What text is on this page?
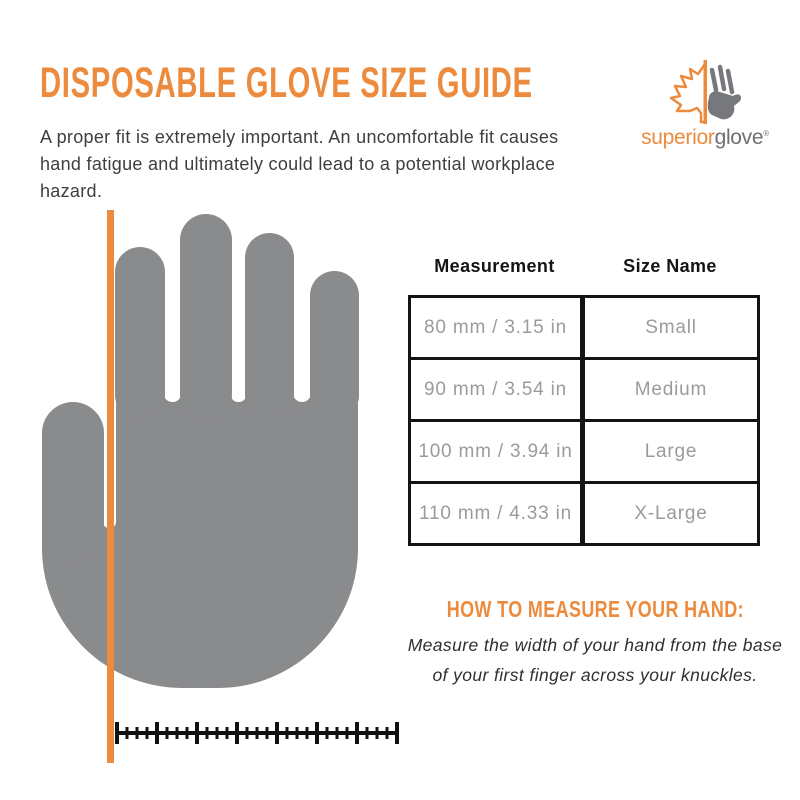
DISPOSABLE GLOVE SIZE GUIDE
superiorglove®
A proper fit is extremely important. An uncomfortable fit causes
hand fatigue and ultimately could lead to a potential workplace hazard.
Measurement	Size Name
80 mm / 3.15 in	Small
90 mm / 3.54 in	Medium
100 mm / 3.94 in	Large
110 mm / 4.33 in	X-Large
HOW TO MEASURE YOUR HAND:
Measure the width of your hand from the base
of your first finger across your knuckles.
